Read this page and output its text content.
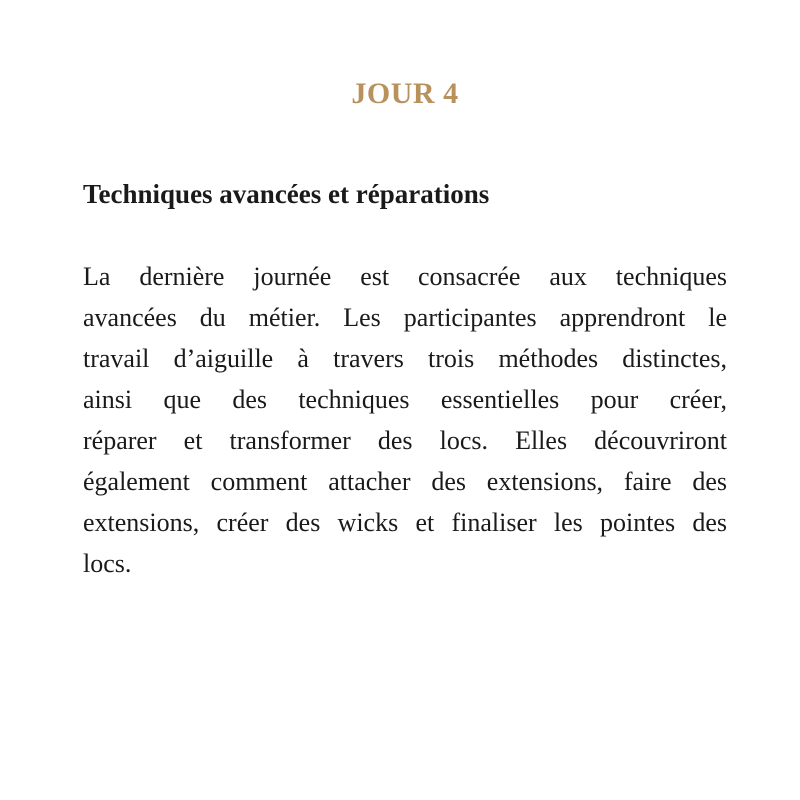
JOUR 4
Techniques avancées et réparations
La dernière journée est consacrée aux techniques
avancées du métier. Les participantes apprendront le
travail d’aiguille à travers trois méthodes distinctes,
ainsi que des techniques essentielles pour créer,
réparer et transformer des locs. Elles découvriront
également comment attacher des extensions, faire des
extensions, créer des wicks et finaliser les pointes des
locs.
